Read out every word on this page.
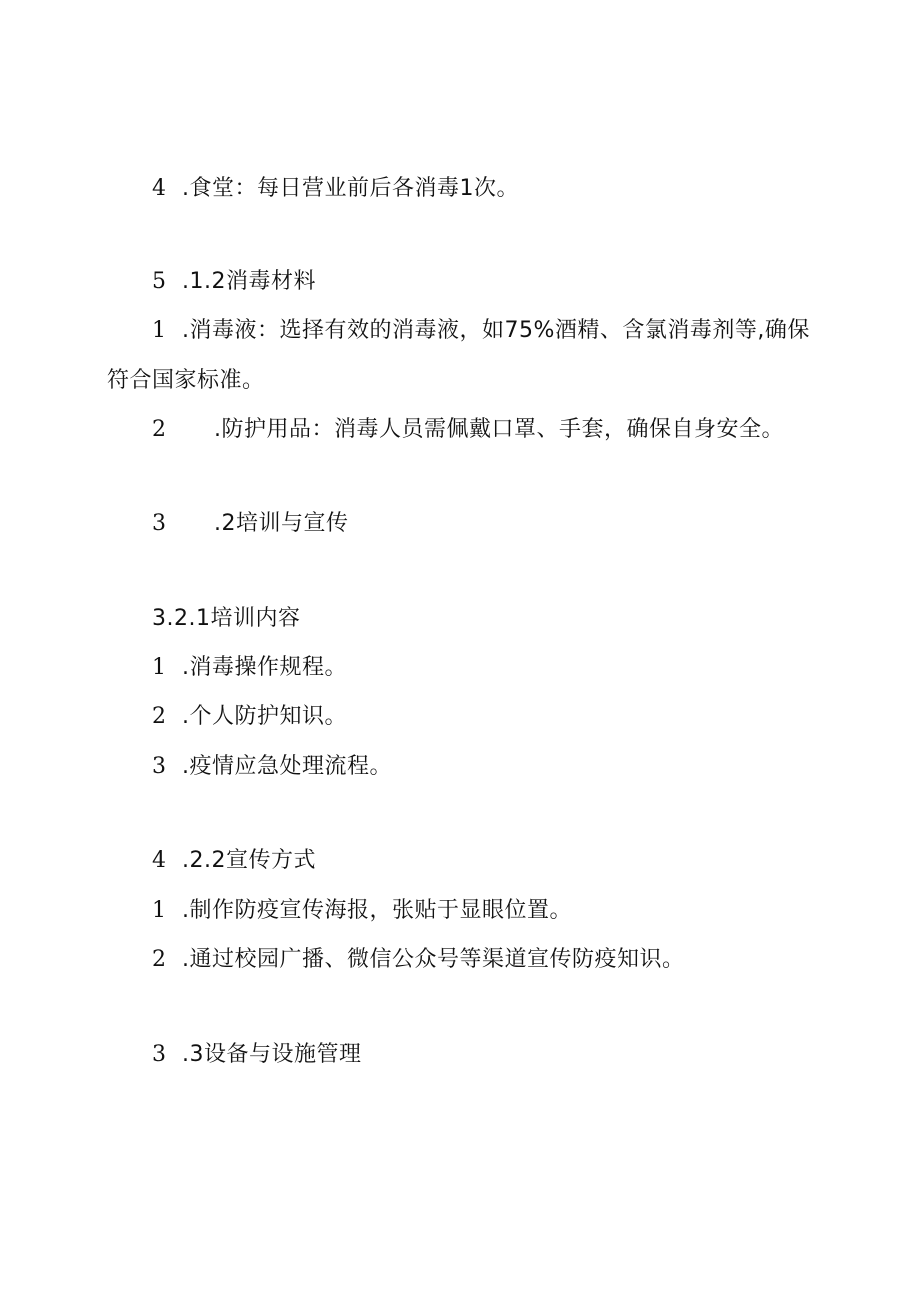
4 .食堂：每日营业前后各消毒1次。
5 .1.2消毒材料
1 .消毒液：选择有效的消毒液，如75%酒精、含氯消毒剂等,确保
符合国家标准。
2 .防护用品：消毒人员需佩戴口罩、手套，确保自身安全。
3 .2培训与宣传
3.2.1培训内容
1 .消毒操作规程。
2 .个人防护知识。
3 .疫情应急处理流程。
4 .2.2宣传方式
1 .制作防疫宣传海报，张贴于显眼位置。
2 .通过校园广播、微信公众号等渠道宣传防疫知识。
3 .3设备与设施管理
